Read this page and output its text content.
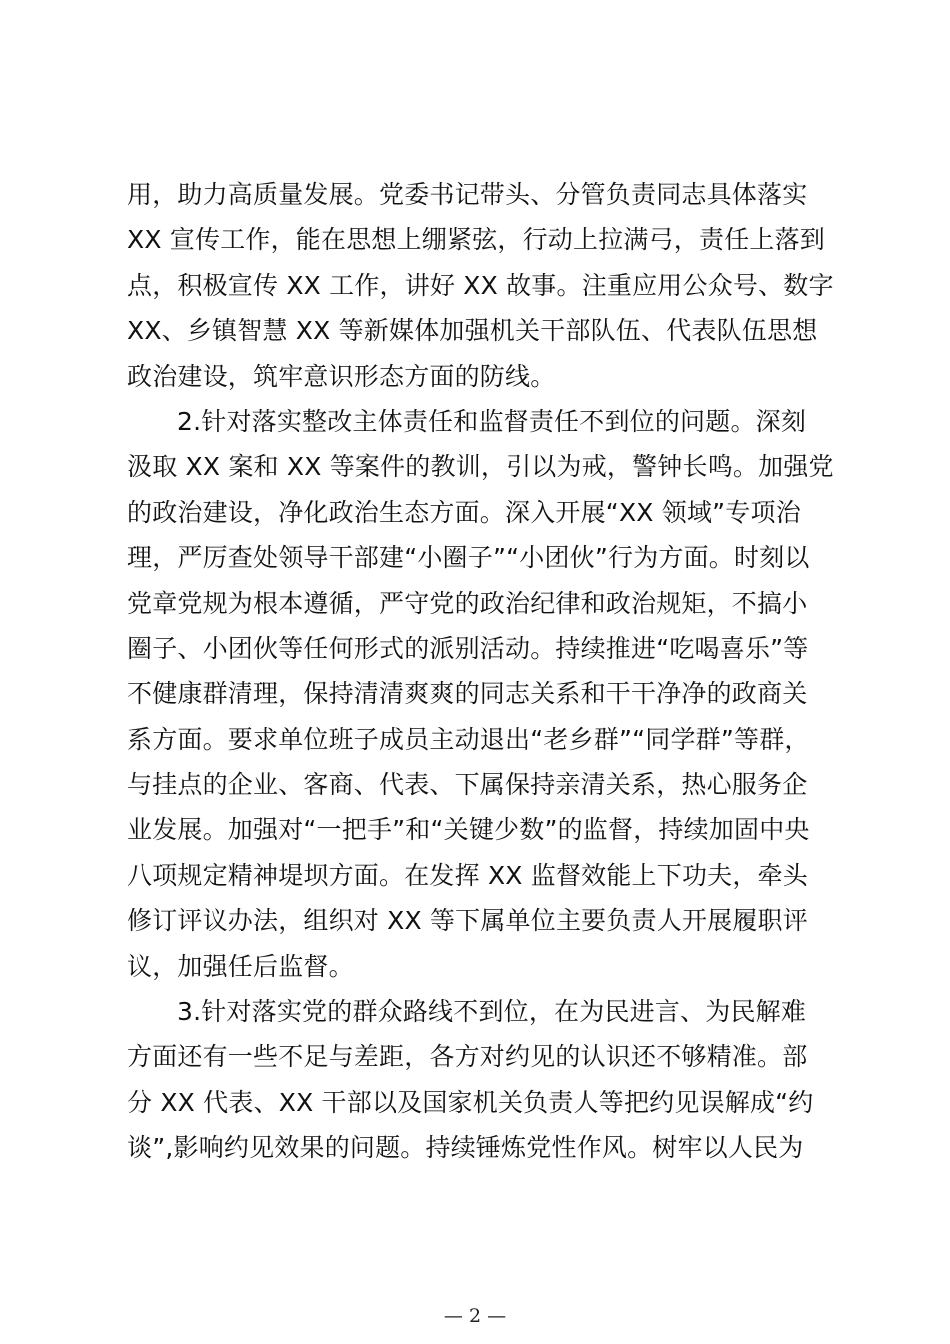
用，助力高质量发展。党委书记带头、分管负责同志具体落实
XX 宣传工作，能在思想上绷紧弦，行动上拉满弓，责任上落到
点，积极宣传 XX 工作，讲好 XX 故事。注重应用公众号、数字
XX、乡镇智慧 XX 等新媒体加强机关干部队伍、代表队伍思想
政治建设，筑牢意识形态方面的防线。
2.针对落实整改主体责任和监督责任不到位的问题。深刻
汲取 XX 案和 XX 等案件的教训，引以为戒，警钟长鸣。加强党
的政治建设，净化政治生态方面。深入开展“XX 领域”专项治
理，严厉查处领导干部建“小圈子”“小团伙”行为方面。时刻以
党章党规为根本遵循，严守党的政治纪律和政治规矩，不搞小
圈子、小团伙等任何形式的派别活动。持续推进“吃喝喜乐”等
不健康群清理，保持清清爽爽的同志关系和干干净净的政商关
系方面。要求单位班子成员主动退出“老乡群”“同学群”等群，
与挂点的企业、客商、代表、下属保持亲清关系，热心服务企
业发展。加强对“一把手”和“关键少数”的监督，持续加固中央
八项规定精神堤坝方面。在发挥 XX 监督效能上下功夫，牵头
修订评议办法，组织对 XX 等下属单位主要负责人开展履职评
议，加强任后监督。
3.针对落实党的群众路线不到位，在为民进言、为民解难
方面还有一些不足与差距，各方对约见的认识还不够精准。部
分 XX 代表、XX 干部以及国家机关负责人等把约见误解成“约
谈”,影响约见效果的问题。持续锤炼党性作风。树牢以人民为
— 2 —
